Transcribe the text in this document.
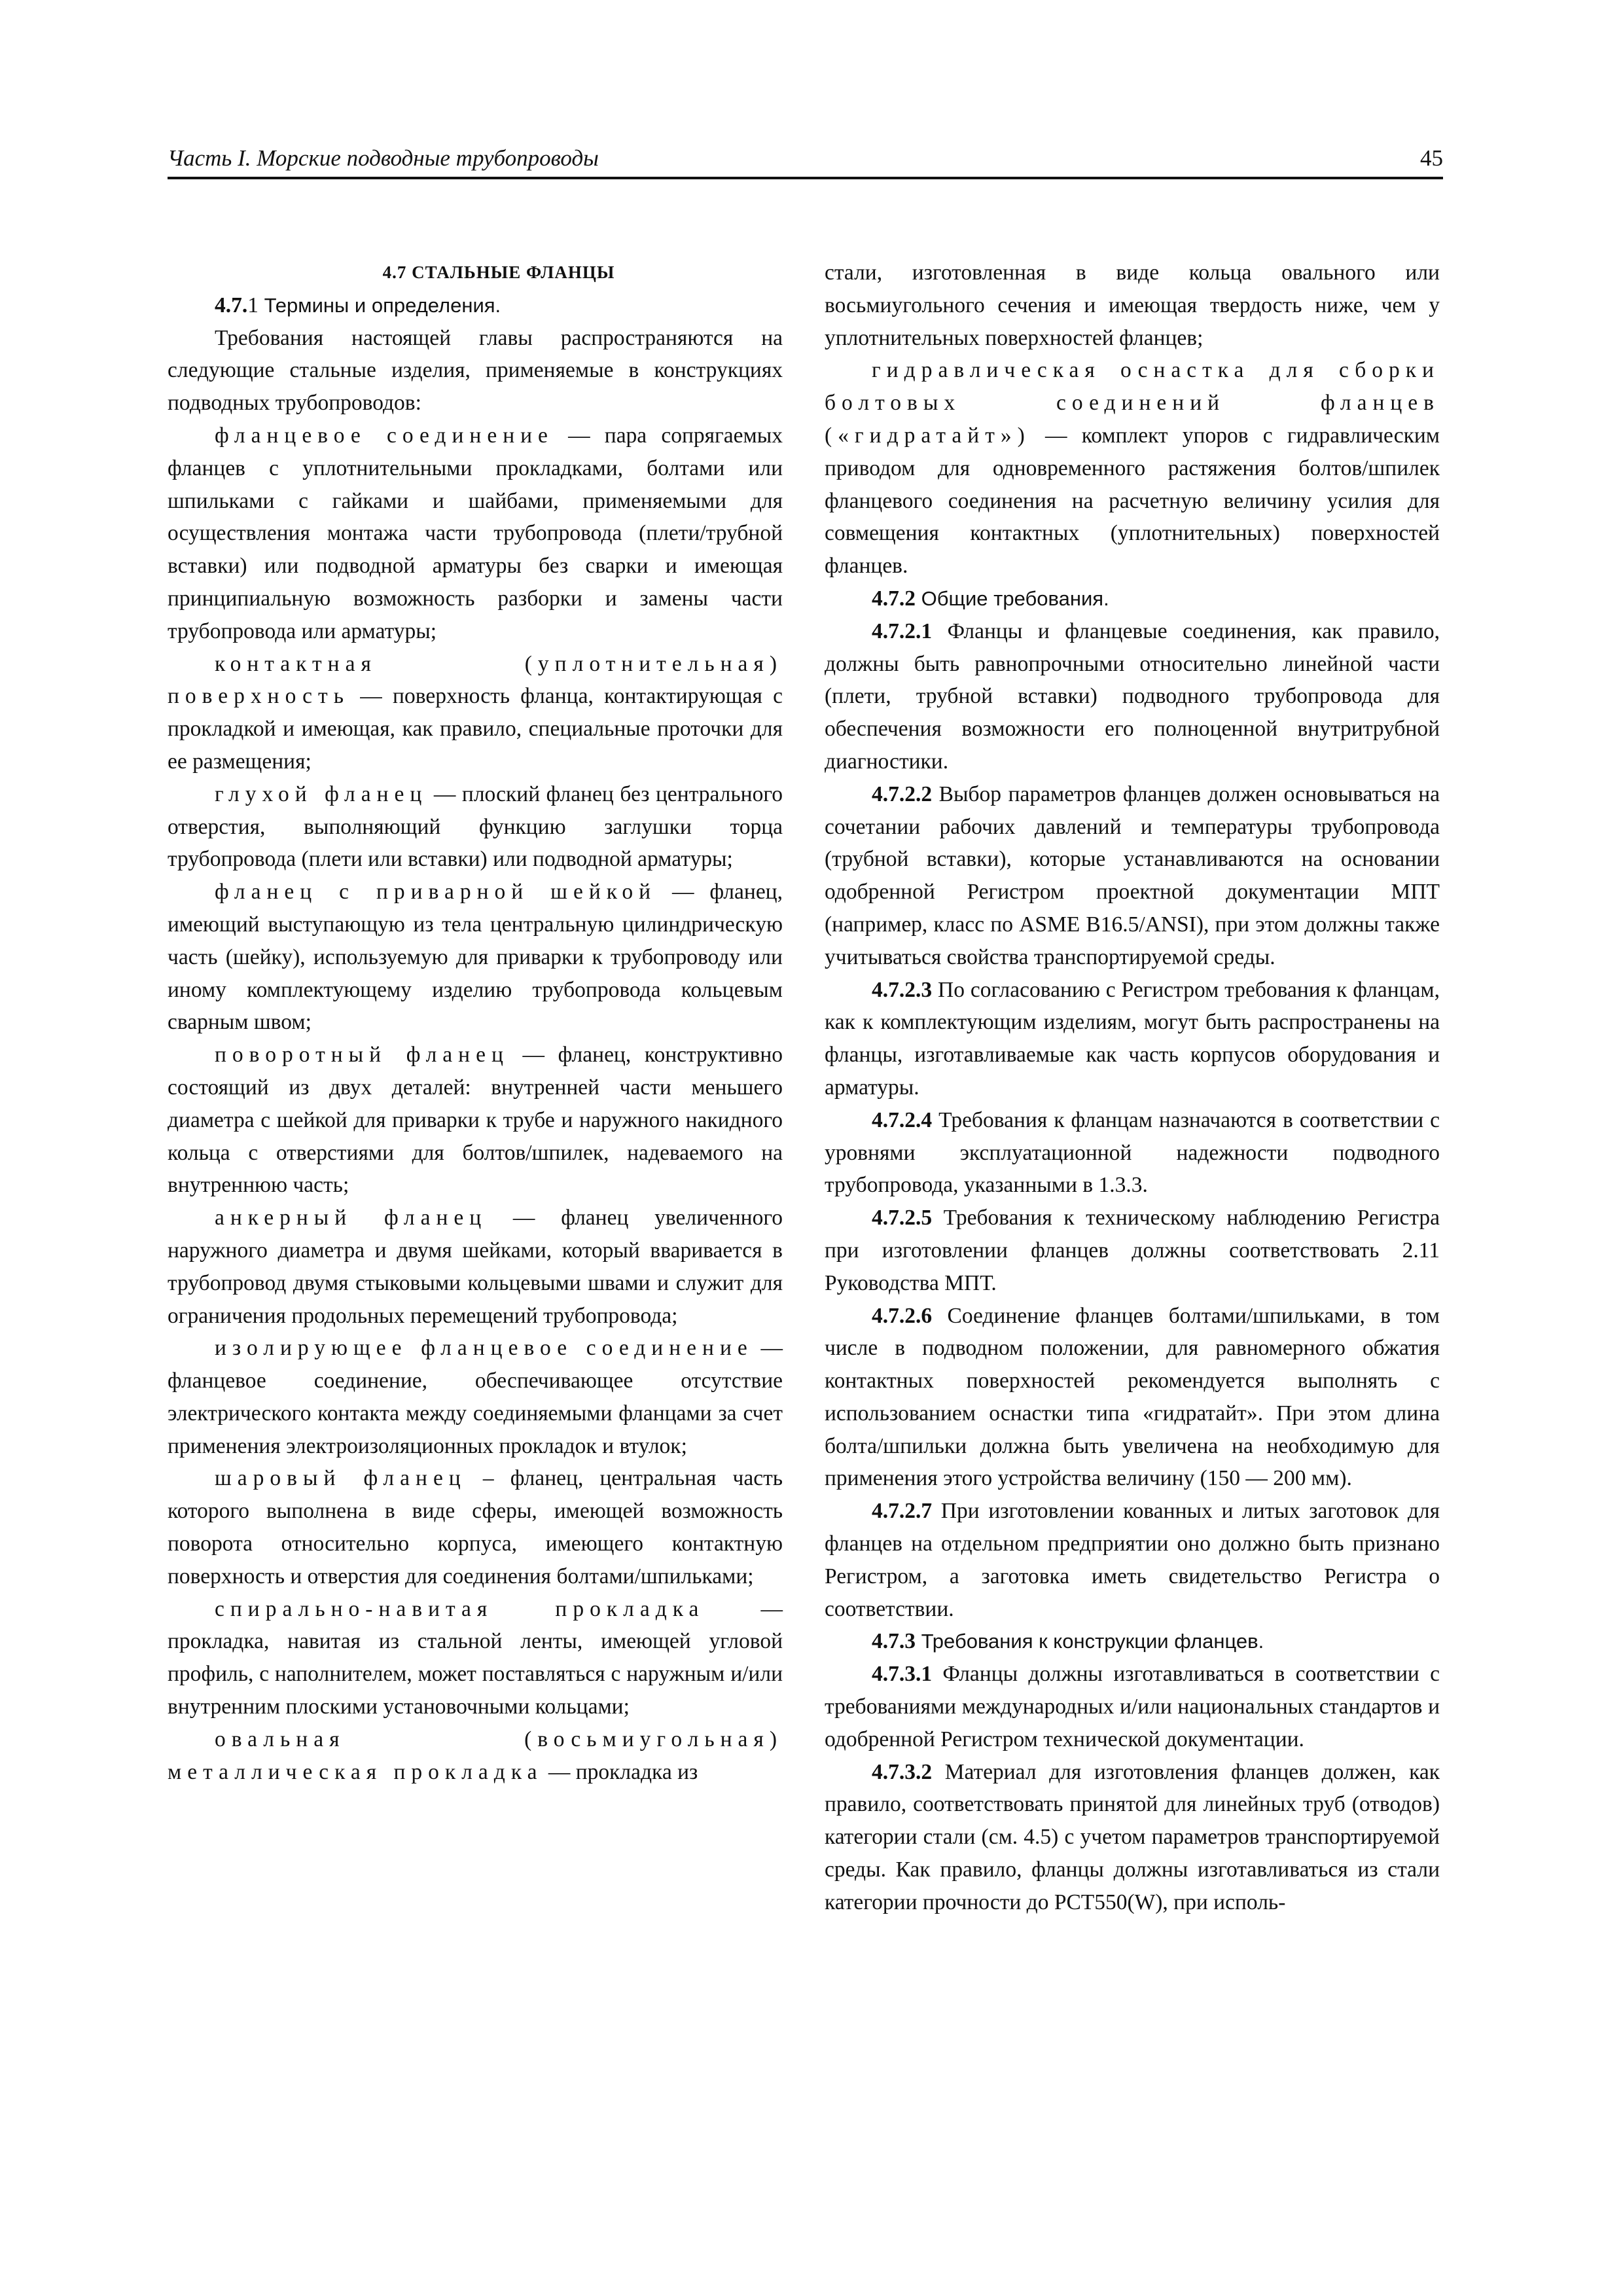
Часть I. Морские подводные трубопроводы	45

4.7 СТАЛЬНЫЕ ФЛАНЦЫ

4.7.1 Термины и определения.

Требования настоящей главы распространяются на следующие стальные изделия, применяемые в конструкциях подводных трубопроводов:

фланцевое соединение — пара сопрягаемых фланцев с уплотнительными прокладками, болтами или шпильками с гайками и шайбами, применяемыми для осуществления монтажа части трубопровода (плети/трубной вставки) или подводной арматуры без сварки и имеющая принципиальную возможность разборки и замены части трубопровода или арматуры;

контактная (уплотнительная) поверхность — поверхность фланца, контактирующая с прокладкой и имеющая, как правило, специальные проточки для ее размещения;

глухой фланец — плоский фланец без центрального отверстия, выполняющий функцию заглушки торца трубопровода (плети или вставки) или подводной арматуры;

фланец с приварной шейкой — фланец, имеющий выступающую из тела центральную цилиндрическую часть (шейку), используемую для приварки к трубопроводу или иному комплектующему изделию трубопровода кольцевым сварным швом;

поворотный фланец — фланец, конструктивно состоящий из двух деталей: внутренней части меньшего диаметра с шейкой для приварки к трубе и наружного накидного кольца с отверстиями для болтов/шпилек, надеваемого на внутреннюю часть;

анкерный фланец — фланец увеличенного наружного диаметра и двумя шейками, который вваривается в трубопровод двумя стыковыми кольцевыми швами и служит для ограничения продольных перемещений трубопровода;

изолирующее фланцевое соединение — фланцевое соединение, обеспечивающее отсутствие электрического контакта между соединяемыми фланцами за счет применения электроизоляционных прокладок и втулок;

шаровый фланец – фланец, центральная часть которого выполнена в виде сферы, имеющей возможность поворота относительно корпуса, имеющего контактную поверхность и отверстия для соединения болтами/шпильками;

спирально-навитая прокладка — прокладка, навитая из стальной ленты, имеющей угловой профиль, с наполнителем, может поставляться с наружным и/или внутренним плоскими установочными кольцами;

овальная (восьмиугольная) металлическая прокладка — прокладка из

стали, изготовленная в виде кольца овального или восьмиугольного сечения и имеющая твердость ниже, чем у уплотнительных поверхностей фланцев;

гидравлическая оснастка для сборки болтовых соединений фланцев («гидратайт») — комплект упоров с гидравлическим приводом для одновременного растяжения болтов/шпилек фланцевого соединения на расчетную величину усилия для совмещения контактных (уплотнительных) поверхностей фланцев.

4.7.2 Общие требования.

4.7.2.1 Фланцы и фланцевые соединения, как правило, должны быть равнопрочными относительно линейной части (плети, трубной вставки) подводного трубопровода для обеспечения возможности его полноценной внутритрубной диагностики.

4.7.2.2 Выбор параметров фланцев должен основываться на сочетании рабочих давлений и температуры трубопровода (трубной вставки), которые устанавливаются на основании одобренной Регистром проектной документации МПТ (например, класс по ASME B16.5/ANSI), при этом должны также учитываться свойства транспортируемой среды.

4.7.2.3 По согласованию с Регистром требования к фланцам, как к комплектующим изделиям, могут быть распространены на фланцы, изготавливаемые как часть корпусов оборудования и арматуры.

4.7.2.4 Требования к фланцам назначаются в соответствии с уровнями эксплуатационной надежности подводного трубопровода, указанными в 1.3.3.

4.7.2.5 Требования к техническому наблюдению Регистра при изготовлении фланцев должны соответствовать 2.11 Руководства МПТ.

4.7.2.6 Соединение фланцев болтами/шпильками, в том числе в подводном положении, для равномерного обжатия контактных поверхностей рекомендуется выполнять с использованием оснастки типа «гидратайт». При этом длина болта/шпильки должна быть увеличена на необходимую для применения этого устройства величину (150 — 200 мм).

4.7.2.7 При изготовлении кованных и литых заготовок для фланцев на отдельном предприятии оно должно быть признано Регистром, а заготовка иметь свидетельство Регистра о соответствии.

4.7.3 Требования к конструкции фланцев.

4.7.3.1 Фланцы должны изготавливаться в соответствии с требованиями международных и/или национальных стандартов и одобренной Регистром технической документации.

4.7.3.2 Материал для изготовления фланцев должен, как правило, соответствовать принятой для линейных труб (отводов) категории стали (см. 4.5) с учетом параметров транспортируемой среды. Как правило, фланцы должны изготавливаться из стали категории прочности до PCT550(W), при исполь-
